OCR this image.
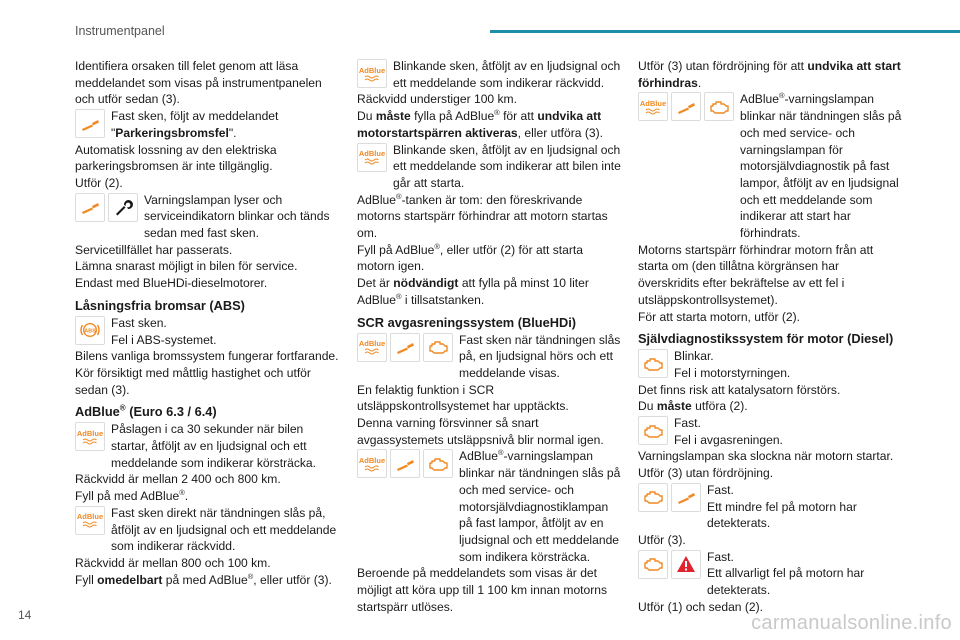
Instrumentpanel

Identifiera orsaken till felet genom att läsa meddelandet som visas på instrumentpanelen och utför sedan (3).

Fast sken, följt av meddelandet "Parkeringsbromsfel".

Automatisk lossning av den elektriska parkeringsbromsen är inte tillgänglig.

Utför (2).

Varningslampan lyser och serviceindikatorn blinkar och tänds sedan med fast sken.

Servicetillfället har passerats.

Lämna snarast möjligt in bilen för service.

Endast med BlueHDi-dieselmotorer.

Låsningsfria bromsar (ABS)
ABS

Fast sken.

Fel i ABS-systemet.

Bilens vanliga bromssystem fungerar fortfarande.

Kör försiktigt med måttlig hastighet och utför sedan (3).

AdBlue® (Euro 6.3 / 6.4)
AdBlue Påslagen i ca 30 sekunder när bilen startar, åtföljt av en ljudsignal och ett meddelande som indikerar körsträcka.

Räckvidd är mellan 2 400 och 800 km.

Fyll på med AdBlue®.

AdBlue Fast sken direkt när tändningen slås på, åtföljt av en ljudsignal och ett meddelande som indikerar räckvidd.

Räckvidd är mellan 800 och 100 km.

Fyll omedelbart på med AdBlue®, eller utför (3).

AdBlue Blinkande sken, åtföljt av en ljudsignal och ett meddelande som indikerar räckvidd.

Räckvidd understiger 100 km.

Du måste fylla på AdBlue® för att undvika att motorstartspärren aktiveras, eller utföra (3).

AdBlue Blinkande sken, åtföljt av en ljudsignal och ett meddelande som indikerar att bilen inte går att starta.

AdBlue®-tanken är tom: den föreskrivande motorns startspärr förhindrar att motorn startas om.

Fyll på AdBlue®, eller utför (2) för att starta motorn igen.

Det är nödvändigt att fylla på minst 10 liter AdBlue® i tillsatstanken.

SCR avgasreningssystem (BlueHDi)
AdBlue	Fast sken när tändningen slås på, en ljudsignal hörs och ett meddelande visas.

En felaktig funktion i SCR utsläppskontrollsystemet har upptäckts.

Denna varning försvinner så snart avgassystemets utsläppsnivå blir normal igen.

AdBlue	AdBlue®-varningslampan blinkar när tändningen slås på och med service- och motorsjälvdiagnostiklampan på fast lampor, åtföljt av en ljudsignal och ett meddelande som indikera körsträcka.

Beroende på meddelandets som visas är det möjligt att köra upp till 1 100 km innan motorns startspärr utlöses.

Utför (3) utan fördröjning för att undvika att start förhindras.

AdBlue	AdBlue®-varningslampan blinkar när tändningen slås på och med service- och varningslampan för motorsjälvdiagnostik på fast lampor, åtföljt av en ljudsignal och ett meddelande som indikerar att start har förhindrats.

Motorns startspärr förhindrar motorn från att starta om (den tillåtna körgränsen har överskridits efter bekräftelse av ett fel i utsläppskontrollsystemet).

För att starta motorn, utför (2).

Självdiagnostikssystem för motor (Diesel)

Blinkar.

Fel i motorstyrningen.

Det finns risk att katalysatorn förstörs.

Du måste utföra (2).

Fast.

Fel i avgasreningen.

Varningslampan ska slockna när motorn startar.

Utför (3) utan fördröjning.

Fast.

Ett mindre fel på motorn har detekterats.

Utför (3).

Fast.

Ett allvarligt fel på motorn har detekterats.

Utför (1) och sedan (2).

14	carmanualsonline.info
